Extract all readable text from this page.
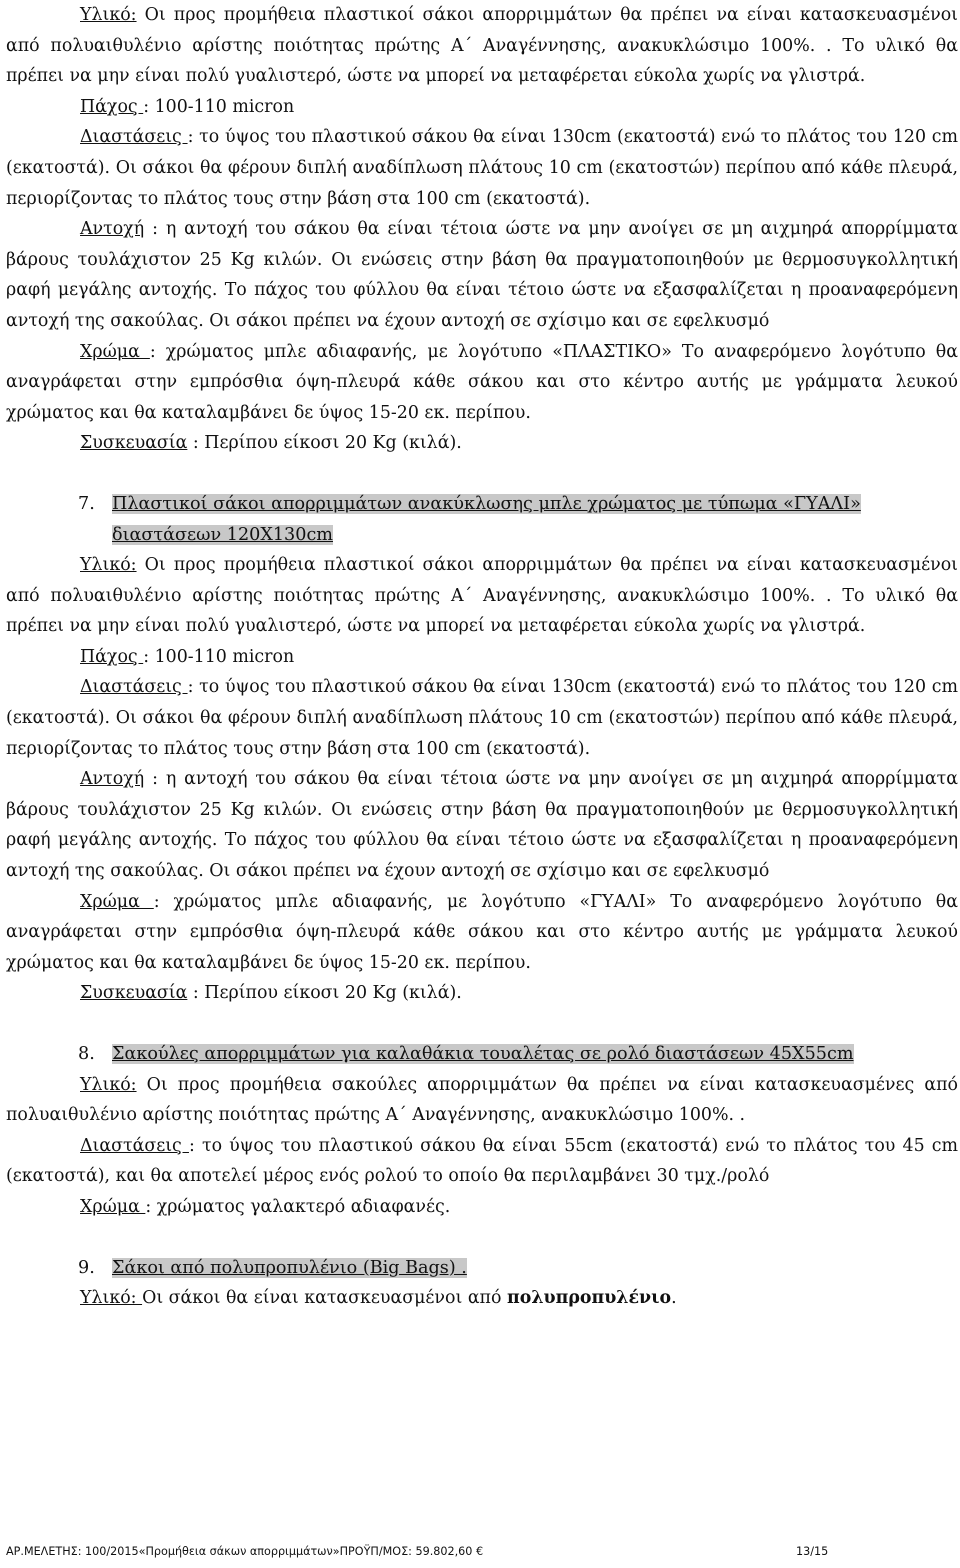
Υλικό: Οι προς προμήθεια πλαστικοί σάκοι απορριμμάτων θα πρέπει να είναι κατασκευασμένοι από πολυαιθυλένιο αρίστης ποιότητας πρώτης Α΄ Αναγέννησης, ανακυκλώσιμο 100%. . Το υλικό θα πρέπει να μην είναι πολύ γυαλιστερό, ώστε να μπορεί να μεταφέρεται εύκολα χωρίς να γλιστρά.

Πάχος : 100-110 micron

Διαστάσεις : το ύψος του πλαστικού σάκου θα είναι 130cm (εκατοστά) ενώ το πλάτος του 120 cm (εκατοστά). Οι σάκοι θα φέρουν διπλή αναδίπλωση πλάτους 10 cm (εκατοστών) περίπου από κάθε πλευρά, περιορίζοντας το πλάτος τους στην βάση στα 100 cm (εκατοστά).

Αντοχή : η αντοχή του σάκου θα είναι τέτοια ώστε να μην ανοίγει σε μη αιχμηρά απορρίμματα βάρους τουλάχιστον 25 Kg κιλών. Οι ενώσεις στην βάση θα πραγματοποιηθούν με θερμοσυγκολλητική ραφή μεγάλης αντοχής. Το πάχος του φύλλου θα είναι τέτοιο ώστε να εξασφαλίζεται η προαναφερόμενη αντοχή της σακούλας. Οι σάκοι πρέπει να έχουν αντοχή σε σχίσιμο και σε εφελκυσμό

Χρώμα : χρώματος μπλε αδιαφανής, με λογότυπο «ΠΛΑΣΤΙΚΟ» Το αναφερόμενο λογότυπο θα αναγράφεται στην εμπρόσθια όψη-πλευρά κάθε σάκου και στο κέντρο αυτής με γράμματα λευκού χρώματος και θα καταλαμβάνει δε ύψος 15-20 εκ. περίπου.

Συσκευασία : Περίπου είκοσι 20 Kg (κιλά).

7. Πλαστικοί σάκοι απορριμμάτων ανακύκλωσης μπλε χρώματος με τύπωμα «ΓΥΑΛΙ» διαστάσεων 120Χ130cm

Υλικό: Οι προς προμήθεια πλαστικοί σάκοι απορριμμάτων θα πρέπει να είναι κατασκευασμένοι από πολυαιθυλένιο αρίστης ποιότητας πρώτης Α΄ Αναγέννησης, ανακυκλώσιμο 100%. . Το υλικό θα πρέπει να μην είναι πολύ γυαλιστερό, ώστε να μπορεί να μεταφέρεται εύκολα χωρίς να γλιστρά.

Πάχος : 100-110 micron

Διαστάσεις : το ύψος του πλαστικού σάκου θα είναι 130cm (εκατοστά) ενώ το πλάτος του 120 cm (εκατοστά). Οι σάκοι θα φέρουν διπλή αναδίπλωση πλάτους 10 cm (εκατοστών) περίπου από κάθε πλευρά, περιορίζοντας το πλάτος τους στην βάση στα 100 cm (εκατοστά).

Αντοχή : η αντοχή του σάκου θα είναι τέτοια ώστε να μην ανοίγει σε μη αιχμηρά απορρίμματα βάρους τουλάχιστον 25 Kg κιλών. Οι ενώσεις στην βάση θα πραγματοποιηθούν με θερμοσυγκολλητική ραφή μεγάλης αντοχής. Το πάχος του φύλλου θα είναι τέτοιο ώστε να εξασφαλίζεται η προαναφερόμενη αντοχή της σακούλας. Οι σάκοι πρέπει να έχουν αντοχή σε σχίσιμο και σε εφελκυσμό

Χρώμα : χρώματος μπλε αδιαφανής, με λογότυπο «ΓΥΑΛΙ» Το αναφερόμενο λογότυπο θα αναγράφεται στην εμπρόσθια όψη-πλευρά κάθε σάκου και στο κέντρο αυτής με γράμματα λευκού χρώματος και θα καταλαμβάνει δε ύψος 15-20 εκ. περίπου.

Συσκευασία : Περίπου είκοσι 20 Kg (κιλά).

8. Σακούλες απορριμμάτων για καλαθάκια τουαλέτας σε ρολό διαστάσεων 45Χ55cm

Υλικό: Οι προς προμήθεια σακούλες απορριμμάτων θα πρέπει να είναι κατασκευασμένες από πολυαιθυλένιο αρίστης ποιότητας πρώτης Α΄ Αναγέννησης, ανακυκλώσιμο 100%. .

Διαστάσεις : το ύψος του πλαστικού σάκου θα είναι 55cm (εκατοστά) ενώ το πλάτος του 45 cm (εκατοστά), και θα αποτελεί μέρος ενός ρολού το οποίο θα περιλαμβάνει 30 τμχ./ρολό

Χρώμα : χρώματος γαλακτερό αδιαφανές.

9. Σάκοι από πολυπροπυλένιο (Big Bags) .

Υλικό: Οι σάκοι θα είναι κατασκευασμένοι από πολυπροπυλένιο.

ΑΡ.ΜΕΛΕΤΗΣ: 100/2015«Προμήθεια σάκων απορριμμάτων»ΠΡΟΫΠ/ΜΟΣ: 59.802,60 €	13/15
